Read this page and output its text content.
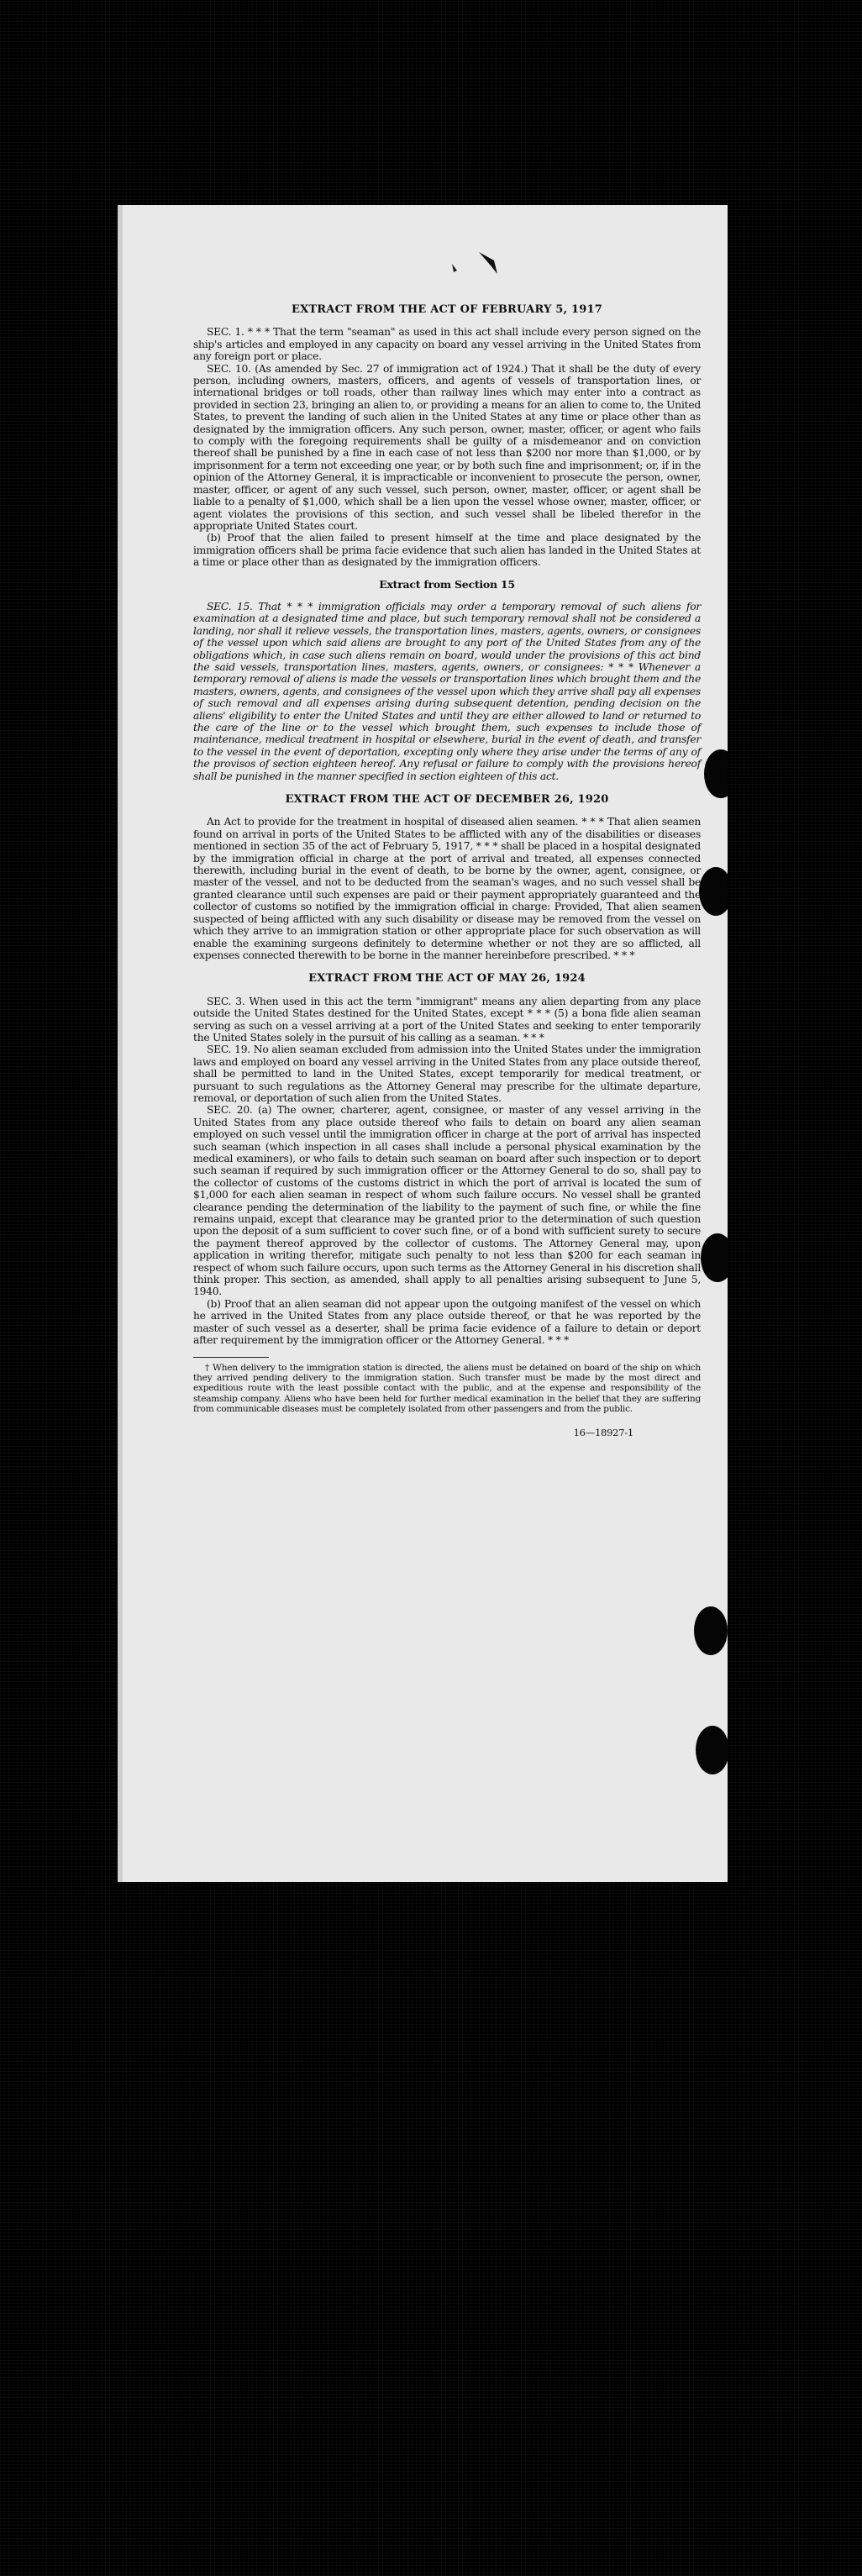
EXTRACT FROM THE ACT OF FEBRUARY 5, 1917

SEC. 1. * * * That the term "seaman" as used in this act shall include every person signed on the ship's articles and employed in any capacity on board any vessel arriving in the United States from any foreign port or place.

SEC. 10. (As amended by Sec. 27 of immigration act of 1924.) That it shall be the duty of every person, including owners, masters, officers, and agents of vessels of transportation lines, or international bridges or toll roads, other than railway lines which may enter into a contract as provided in section 23, bringing an alien to, or providing a means for an alien to come to, the United States, to prevent the landing of such alien in the United States at any time or place other than as designated by the immigration officers. Any such person, owner, master, officer, or agent who fails to comply with the foregoing requirements shall be guilty of a misdemeanor and on conviction thereof shall be punished by a fine in each case of not less than $200 nor more than $1,000, or by imprisonment for a term not exceeding one year, or by both such fine and imprisonment; or, if in the opinion of the Attorney General, it is impracticable or inconvenient to prosecute the person, owner, master, officer, or agent of any such vessel, such person, owner, master, officer, or agent shall be liable to a penalty of $1,000, which shall be a lien upon the vessel whose owner, master, officer, or agent violates the provisions of this section, and such vessel shall be libeled therefor in the appropriate United States court.

(b) Proof that the alien failed to present himself at the time and place designated by the immigration officers shall be prima facie evidence that such alien has landed in the United States at a time or place other than as designated by the immigration officers.

Extract from Section 15

SEC. 15. That * * * immigration officials may order a temporary removal of such aliens for examination at a designated time and place, but such temporary removal shall not be considered a landing, nor shall it relieve vessels, the transportation lines, masters, agents, owners, or consignees of the vessel upon which said aliens are brought to any port of the United States from any of the obligations which, in case such aliens remain on board, would under the provisions of this act bind the said vessels, transportation lines, masters, agents, owners, or consignees: * * * Whenever a temporary removal of aliens is made the vessels or transportation lines which brought them and the masters, owners, agents, and consignees of the vessel upon which they arrive shall pay all expenses of such removal and all expenses arising during subsequent detention, pending decision on the aliens' eligibility to enter the United States and until they are either allowed to land or returned to the care of the line or to the vessel which brought them, such expenses to include those of maintenance, medical treatment in hospital or elsewhere, burial in the event of death, and transfer to the vessel in the event of deportation, excepting only where they arise under the terms of any of the provisos of section eighteen hereof. Any refusal or failure to comply with the provisions hereof shall be punished in the manner specified in section eighteen of this act.

EXTRACT FROM THE ACT OF DECEMBER 26, 1920

An Act to provide for the treatment in hospital of diseased alien seamen. * * * That alien seamen found on arrival in ports of the United States to be afflicted with any of the disabilities or diseases mentioned in section 35 of the act of February 5, 1917, * * * shall be placed in a hospital designated by the immigration official in charge at the port of arrival and treated, all expenses connected therewith, including burial in the event of death, to be borne by the owner, agent, consignee, or master of the vessel, and not to be deducted from the seaman's wages, and no such vessel shall be granted clearance until such expenses are paid or their payment appropriately guaranteed and the collector of customs so notified by the immigration official in charge: Provided, That alien seamen suspected of being afflicted with any such disability or disease may be removed from the vessel on which they arrive to an immigration station or other appropriate place for such observation as will enable the examining surgeons definitely to determine whether or not they are so afflicted, all expenses connected therewith to be borne in the manner hereinbefore prescribed. * * *

EXTRACT FROM THE ACT OF MAY 26, 1924

SEC. 3. When used in this act the term "immigrant" means any alien departing from any place outside the United States destined for the United States, except * * * (5) a bona fide alien seaman serving as such on a vessel arriving at a port of the United States and seeking to enter temporarily the United States solely in the pursuit of his calling as a seaman. * * *

SEC. 19. No alien seaman excluded from admission into the United States under the immigration laws and employed on board any vessel arriving in the United States from any place outside thereof, shall be permitted to land in the United States, except temporarily for medical treatment, or pursuant to such regulations as the Attorney General may prescribe for the ultimate departure, removal, or deportation of such alien from the United States.

SEC. 20. (a) The owner, charterer, agent, consignee, or master of any vessel arriving in the United States from any place outside thereof who fails to detain on board any alien seaman employed on such vessel until the immigration officer in charge at the port of arrival has inspected such seaman (which inspection in all cases shall include a personal physical examination by the medical examiners), or who fails to detain such seaman on board after such inspection or to deport such seaman if required by such immigration officer or the Attorney General to do so, shall pay to the collector of customs of the customs district in which the port of arrival is located the sum of $1,000 for each alien seaman in respect of whom such failure occurs. No vessel shall be granted clearance pending the determination of the liability to the payment of such fine, or while the fine remains unpaid, except that clearance may be granted prior to the determination of such question upon the deposit of a sum sufficient to cover such fine, or of a bond with sufficient surety to secure the payment thereof approved by the collector of customs. The Attorney General may, upon application in writing therefor, mitigate such penalty to not less than $200 for each seaman in respect of whom such failure occurs, upon such terms as the Attorney General in his discretion shall think proper. This section, as amended, shall apply to all penalties arising subsequent to June 5, 1940.

(b) Proof that an alien seaman did not appear upon the outgoing manifest of the vessel on which he arrived in the United States from any place outside thereof, or that he was reported by the master of such vessel as a deserter, shall be prima facie evidence of a failure to detain or deport after requirement by the immigration officer or the Attorney General. * * *

† When delivery to the immigration station is directed, the aliens must be detained on board of the ship on which they arrived pending delivery to the immigration station. Such transfer must be made by the most direct and expeditious route with the least possible contact with the public, and at the expense and responsibility of the steamship company. Aliens who have been held for further medical examination in the belief that they are suffering from communicable diseases must be completely isolated from other passengers and from the public.

16—18927-1
